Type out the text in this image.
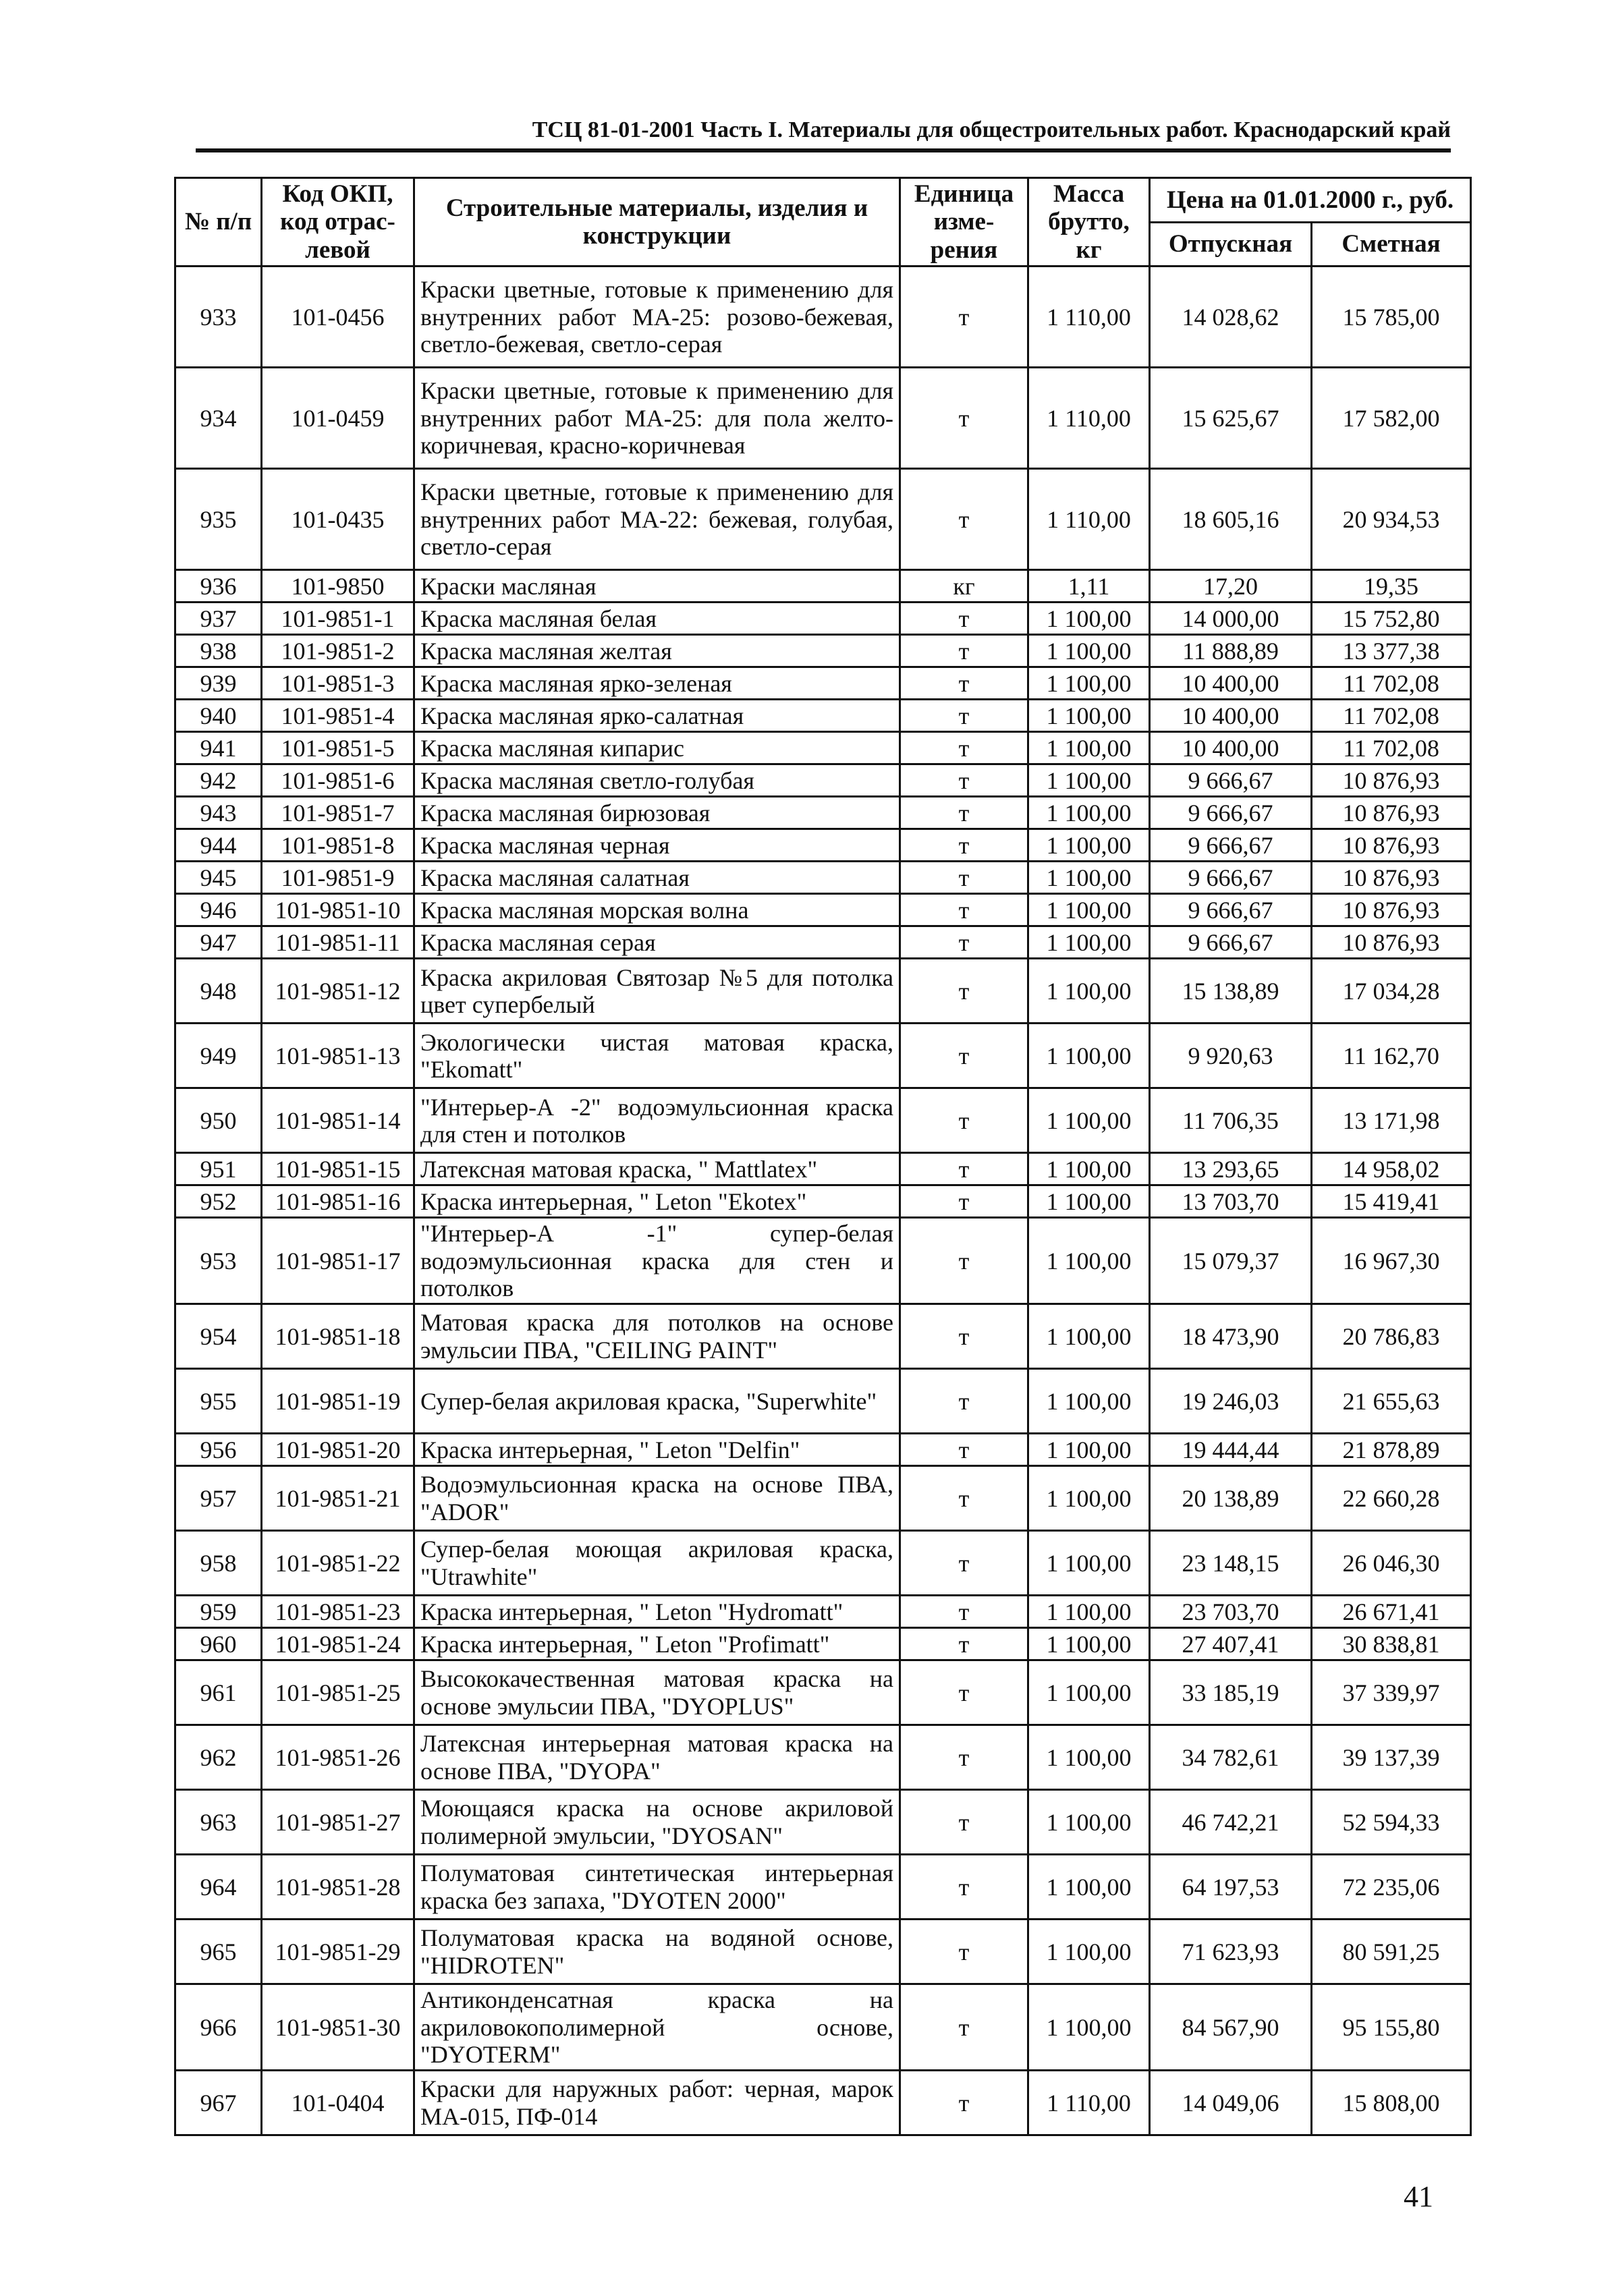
ТСЦ 81-01-2001 Часть I. Материалы для общестроительных работ. Краснодарский край
№ п/п	Код ОКП, код отрас-левой	Строительные материалы, изделия и конструкции	Единица изме-рения	Масса брутто, кг	Цена на 01.01.2000 г., руб.	
					Отпускная	Сметная
933	101-0456	Краски цветные, готовые к применению для внутренних работ МА-25: розово-бежевая, светло-бежевая, светло-серая	т	1 110,00	14 028,62	15 785,00
934	101-0459	Краски цветные, готовые к применению для внутренних работ МА-25: для пола желто-коричневая, красно-коричневая	т	1 110,00	15 625,67	17 582,00
935	101-0435	Краски цветные, готовые к применению для внутренних работ МА-22: бежевая, голубая, светло-серая	т	1 110,00	18 605,16	20 934,53
936	101-9850	Краски масляная	кг	1,11	17,20	19,35
937	101-9851-1	Краска масляная белая	т	1 100,00	14 000,00	15 752,80
938	101-9851-2	Краска масляная желтая	т	1 100,00	11 888,89	13 377,38
939	101-9851-3	Краска масляная ярко-зеленая	т	1 100,00	10 400,00	11 702,08
940	101-9851-4	Краска масляная ярко-салатная	т	1 100,00	10 400,00	11 702,08
941	101-9851-5	Краска масляная кипарис	т	1 100,00	10 400,00	11 702,08
942	101-9851-6	Краска масляная светло-голубая	т	1 100,00	9 666,67	10 876,93
943	101-9851-7	Краска масляная бирюзовая	т	1 100,00	9 666,67	10 876,93
944	101-9851-8	Краска масляная черная	т	1 100,00	9 666,67	10 876,93
945	101-9851-9	Краска масляная салатная	т	1 100,00	9 666,67	10 876,93
946	101-9851-10	Краска масляная морская волна	т	1 100,00	9 666,67	10 876,93
947	101-9851-11	Краска масляная серая	т	1 100,00	9 666,67	10 876,93
948	101-9851-12	Краска акриловая Святозар №5 для потолка цвет супербелый	т	1 100,00	15 138,89	17 034,28
949	101-9851-13	Экологически чистая матовая краска, "Ekomatt"	т	1 100,00	9 920,63	11 162,70
950	101-9851-14	"Интерьер-А -2" водоэмульсионная краска для стен и потолков	т	1 100,00	11 706,35	13 171,98
951	101-9851-15	Латексная матовая краска, " Mattlatex"	т	1 100,00	13 293,65	14 958,02
952	101-9851-16	Краска интерьерная, " Leton "Ekotex"	т	1 100,00	13 703,70	15 419,41
953	101-9851-17	"Интерьер-А -1" супер-белая водоэмульсионная краска для стен и потолков	т	1 100,00	15 079,37	16 967,30
954	101-9851-18	Матовая краска для потолков на основе эмульсии ПВА, "CEILING PAINT"	т	1 100,00	18 473,90	20 786,83
955	101-9851-19	Супер-белая акриловая краска, "Superwhite"	т	1 100,00	19 246,03	21 655,63
956	101-9851-20	Краска интерьерная, " Leton "Delfin"	т	1 100,00	19 444,44	21 878,89
957	101-9851-21	Водоэмульсионная краска на основе ПВА, "ADOR"	т	1 100,00	20 138,89	22 660,28
958	101-9851-22	Супер-белая моющая акриловая краска, "Utrawhite"	т	1 100,00	23 148,15	26 046,30
959	101-9851-23	Краска интерьерная, " Leton "Hydromatt"	т	1 100,00	23 703,70	26 671,41
960	101-9851-24	Краска интерьерная, " Leton "Profimatt"	т	1 100,00	27 407,41	30 838,81
961	101-9851-25	Высококачественная матовая краска на основе эмульсии ПВА, "DYOPLUS"	т	1 100,00	33 185,19	37 339,97
962	101-9851-26	Латексная интерьерная матовая краска на основе ПВА, "DYOPA"	т	1 100,00	34 782,61	39 137,39
963	101-9851-27	Моющаяся краска на основе акриловой полимерной эмульсии, "DYOSAN"	т	1 100,00	46 742,21	52 594,33
964	101-9851-28	Полуматовая синтетическая интерьерная краска без запаха, "DYOTEN 2000"	т	1 100,00	64 197,53	72 235,06
965	101-9851-29	Полуматовая краска на водяной основе, "HIDROTEN"	т	1 100,00	71 623,93	80 591,25
966	101-9851-30	Антиконденсатная краска на акриловокополимерной основе, "DYOTERM"	т	1 100,00	84 567,90	95 155,80
967	101-0404	Краски для наружных работ: черная, марок МА-015, ПФ-014	т	1 110,00	14 049,06	15 808,00
41
